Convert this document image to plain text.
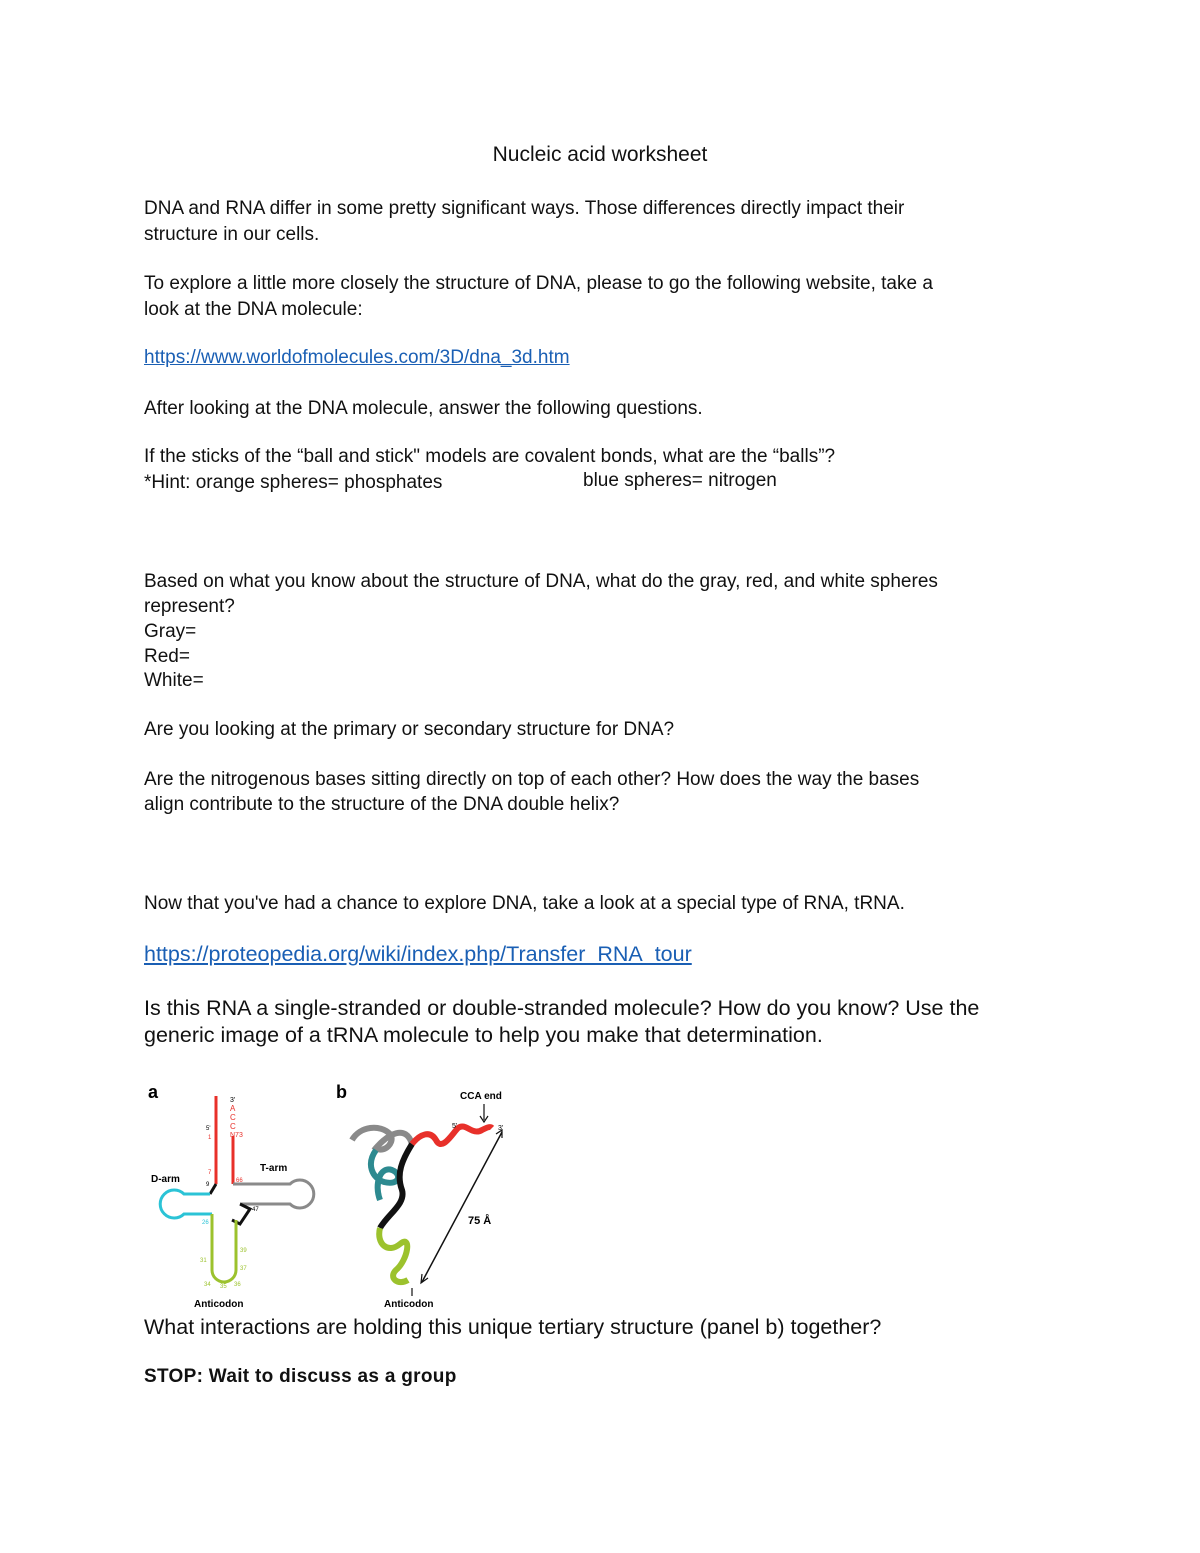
Nucleic acid worksheet

DNA and RNA differ in some pretty significant ways. Those differences directly impact their

structure in our cells.

To explore a little more closely the structure of DNA, please to go the following website, take a

look at the DNA molecule:

https://www.worldofmolecules.com/3D/dna_3d.htm

After looking at the DNA molecule, answer the following questions.

If the sticks of the “ball and stick" models are covalent bonds, what are the “balls”?

*Hint: orange spheres= phosphates	blue spheres= nitrogen

Based on what you know about the structure of DNA, what do the gray, red, and white spheres

represent?

Gray=

Red=

White=

Are you looking at the primary or secondary structure for DNA?

Are the nitrogenous bases sitting directly on top of each other? How does the way the bases

align contribute to the structure of the DNA double helix?

Now that you've had a chance to explore DNA, take a look at a special type of RNA, tRNA.

https://proteopedia.org/wiki/index.php/Transfer_RNA_tour

Is this RNA a single-stranded or double-stranded molecule? How do you know? Use the

generic image of a tRNA molecule to help you make that determination.

a	3'
A
C
C
N73
5'
1
7
9
D-arm
26
T-arm
66
47
39
37
31
34 35 36
Anticodon
b	CCA end
5'	3'
75 Å
Anticodon

What interactions are holding this unique tertiary structure (panel b) together?

STOP: Wait to discuss as a group
